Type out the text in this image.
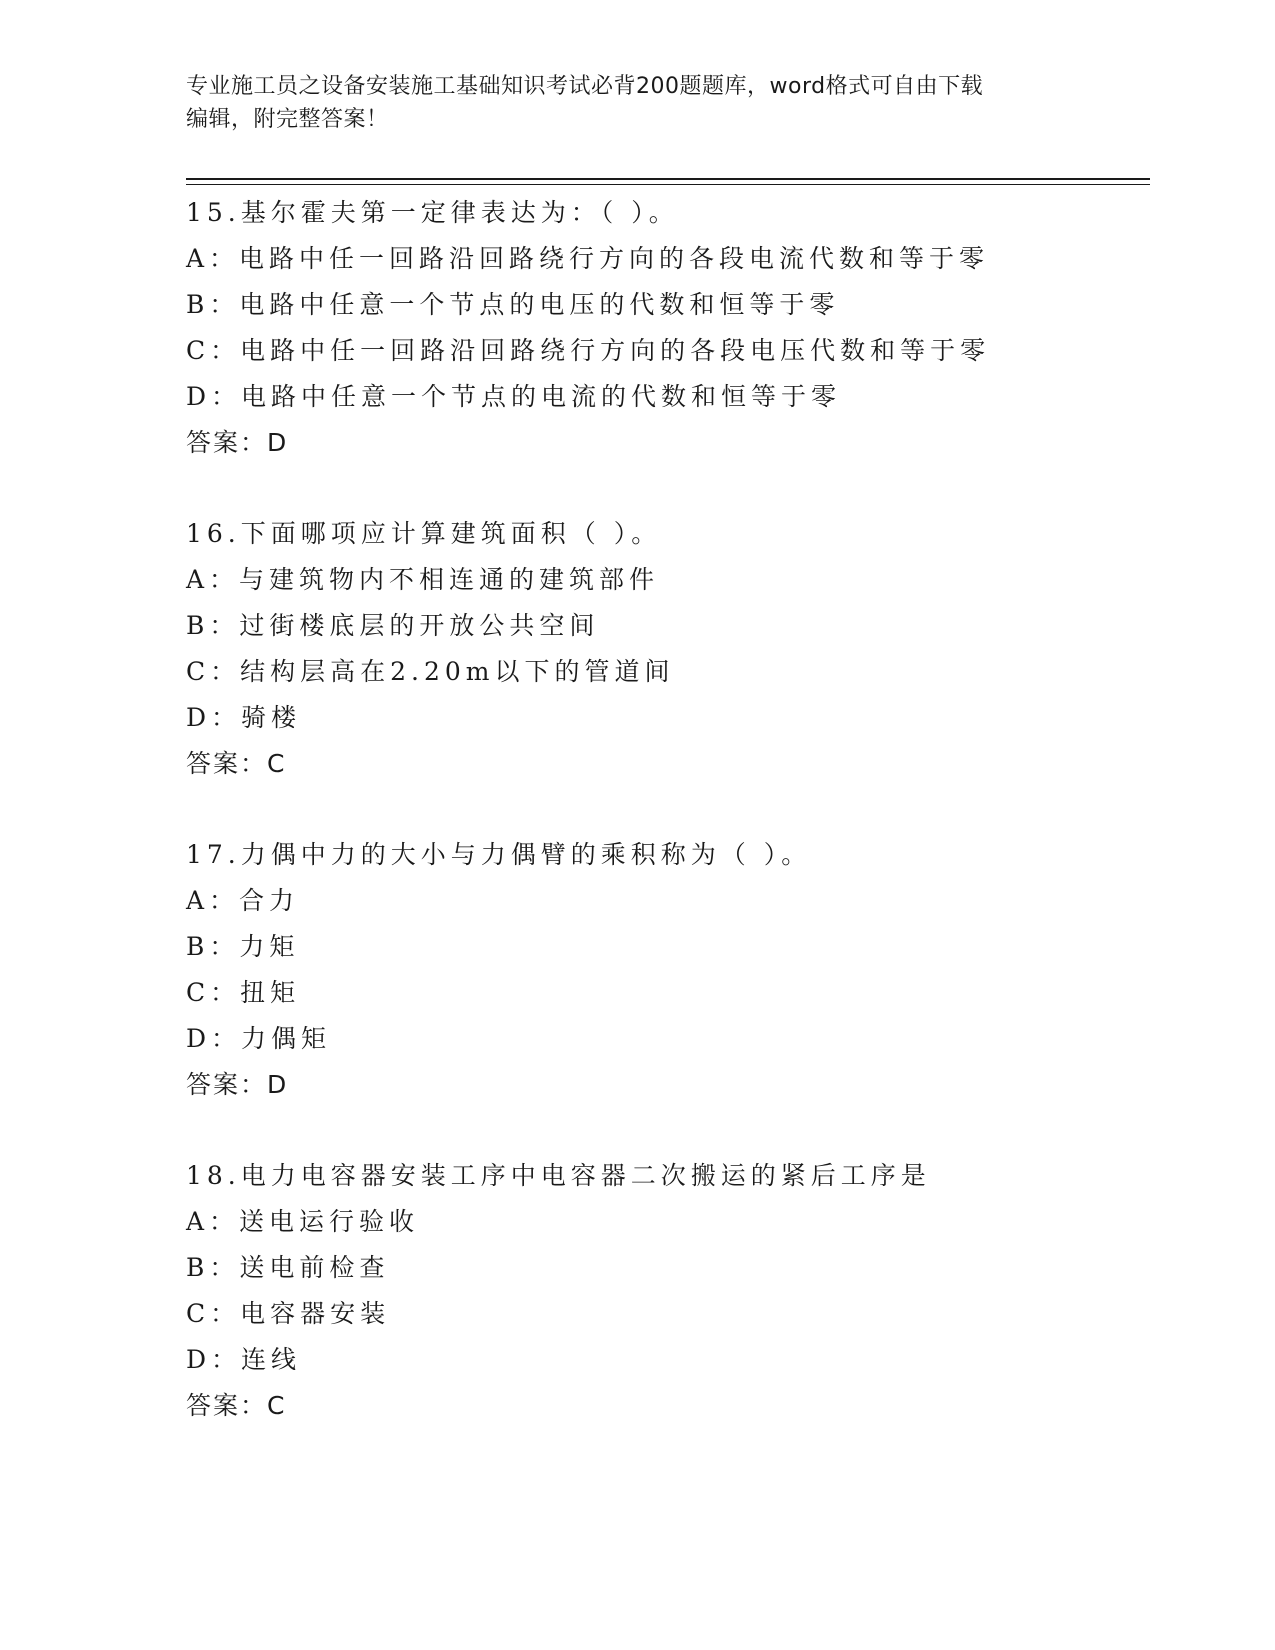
专业施工员之设备安装施工基础知识考试必背200题题库，word格式可自由下载
编辑，附完整答案！
15.基尔霍夫第一定律表达为：（ ）。
A：电路中任一回路沿回路绕行方向的各段电流代数和等于零
B：电路中任意一个节点的电压的代数和恒等于零
C：电路中任一回路沿回路绕行方向的各段电压代数和等于零
D：电路中任意一个节点的电流的代数和恒等于零
答案：D
16.下面哪项应计算建筑面积（ ）。
A：与建筑物内不相连通的建筑部件
B：过街楼底层的开放公共空间
C：结构层高在2.20m以下的管道间
D：骑楼
答案：C
17.力偶中力的大小与力偶臂的乘积称为（ ）。
A：合力
B：力矩
C：扭矩
D：力偶矩
答案：D
18.电力电容器安装工序中电容器二次搬运的紧后工序是
A：送电运行验收
B：送电前检查
C：电容器安装
D：连线
答案：C
